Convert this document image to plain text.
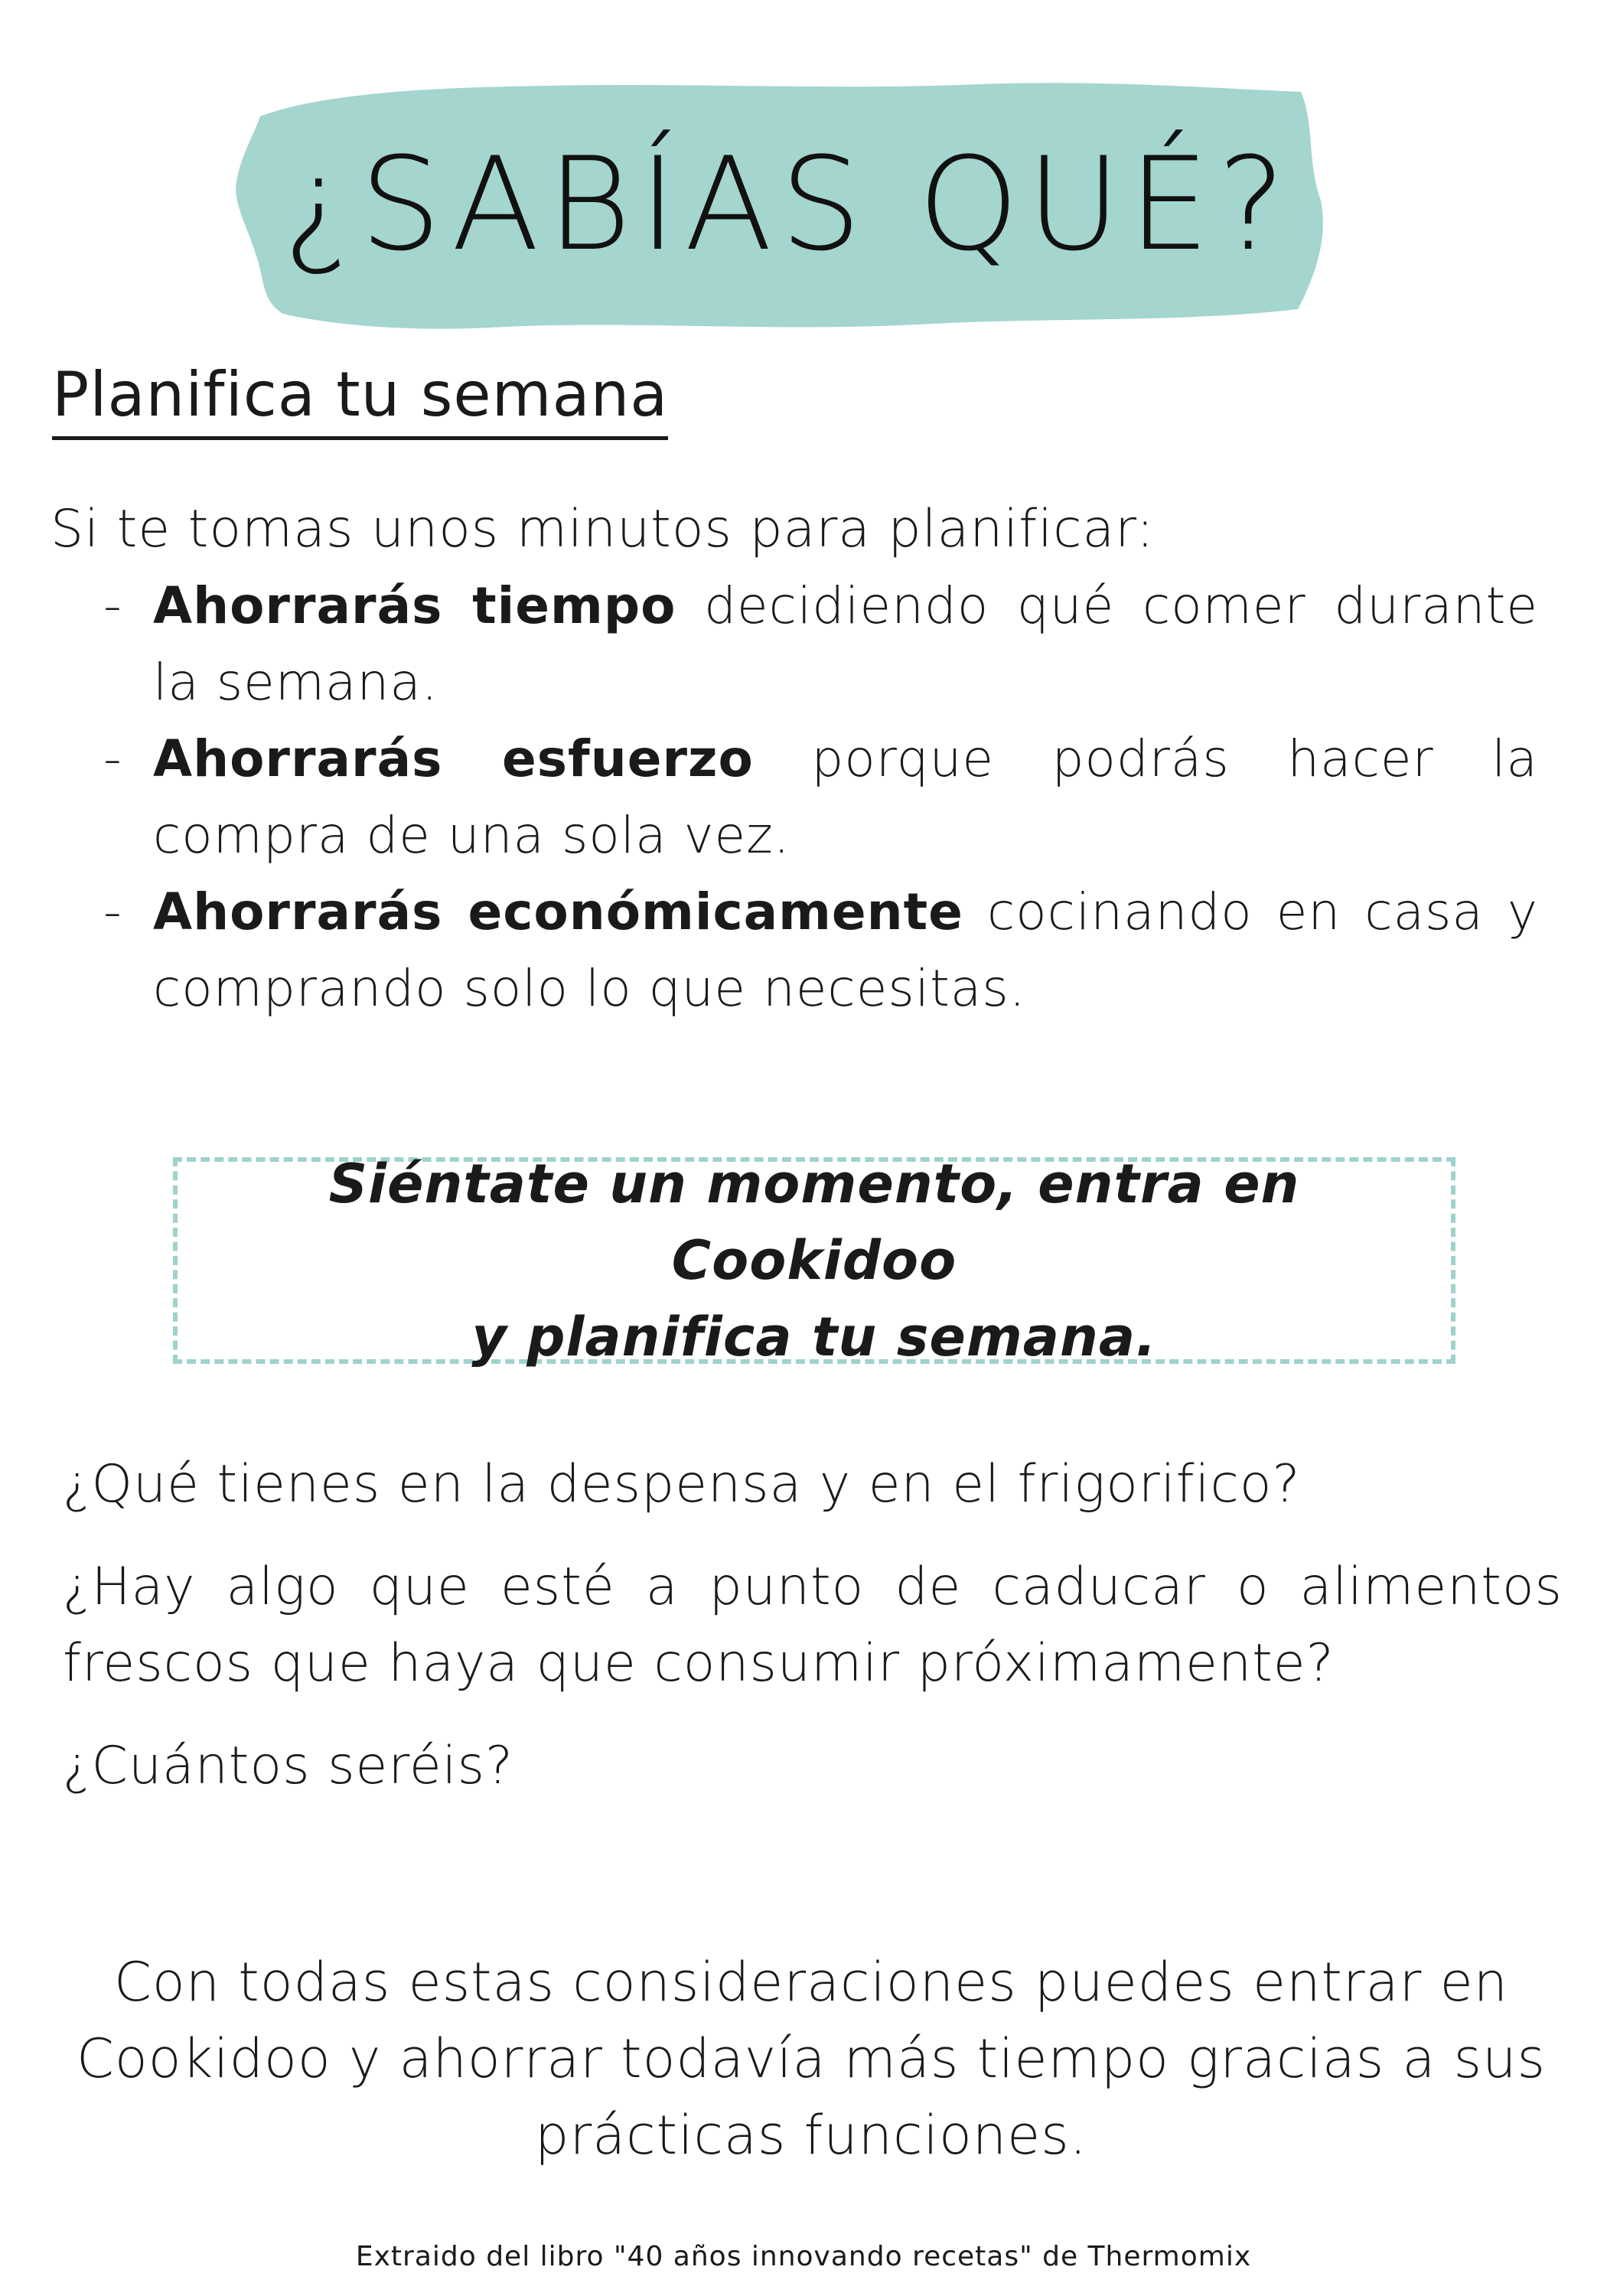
¿SABÍAS QUÉ?
Planifica tu semana

Si te tomas unos minutos para planificar:

- Ahorrarás tiempo decidiendo qué comer durante la semana.
- Ahorrarás esfuerzo porque podrás hacer la compra de una sola vez.
- Ahorrarás económicamente cocinando en casa y comprando solo lo que necesitas.

Siéntate un momento, entra en Cookidoo

y planifica tu semana.

¿Qué tienes en la despensa y en el frigorifico?

¿Hay algo que esté a punto de caducar o alimentos frescos que haya que consumir próximamente?

¿Cuántos seréis?

Con todas estas consideraciones puedes entrar en Cookidoo y ahorrar todavía más tiempo gracias a sus prácticas funciones.

Extraido del libro "40 años innovando recetas" de Thermomix
